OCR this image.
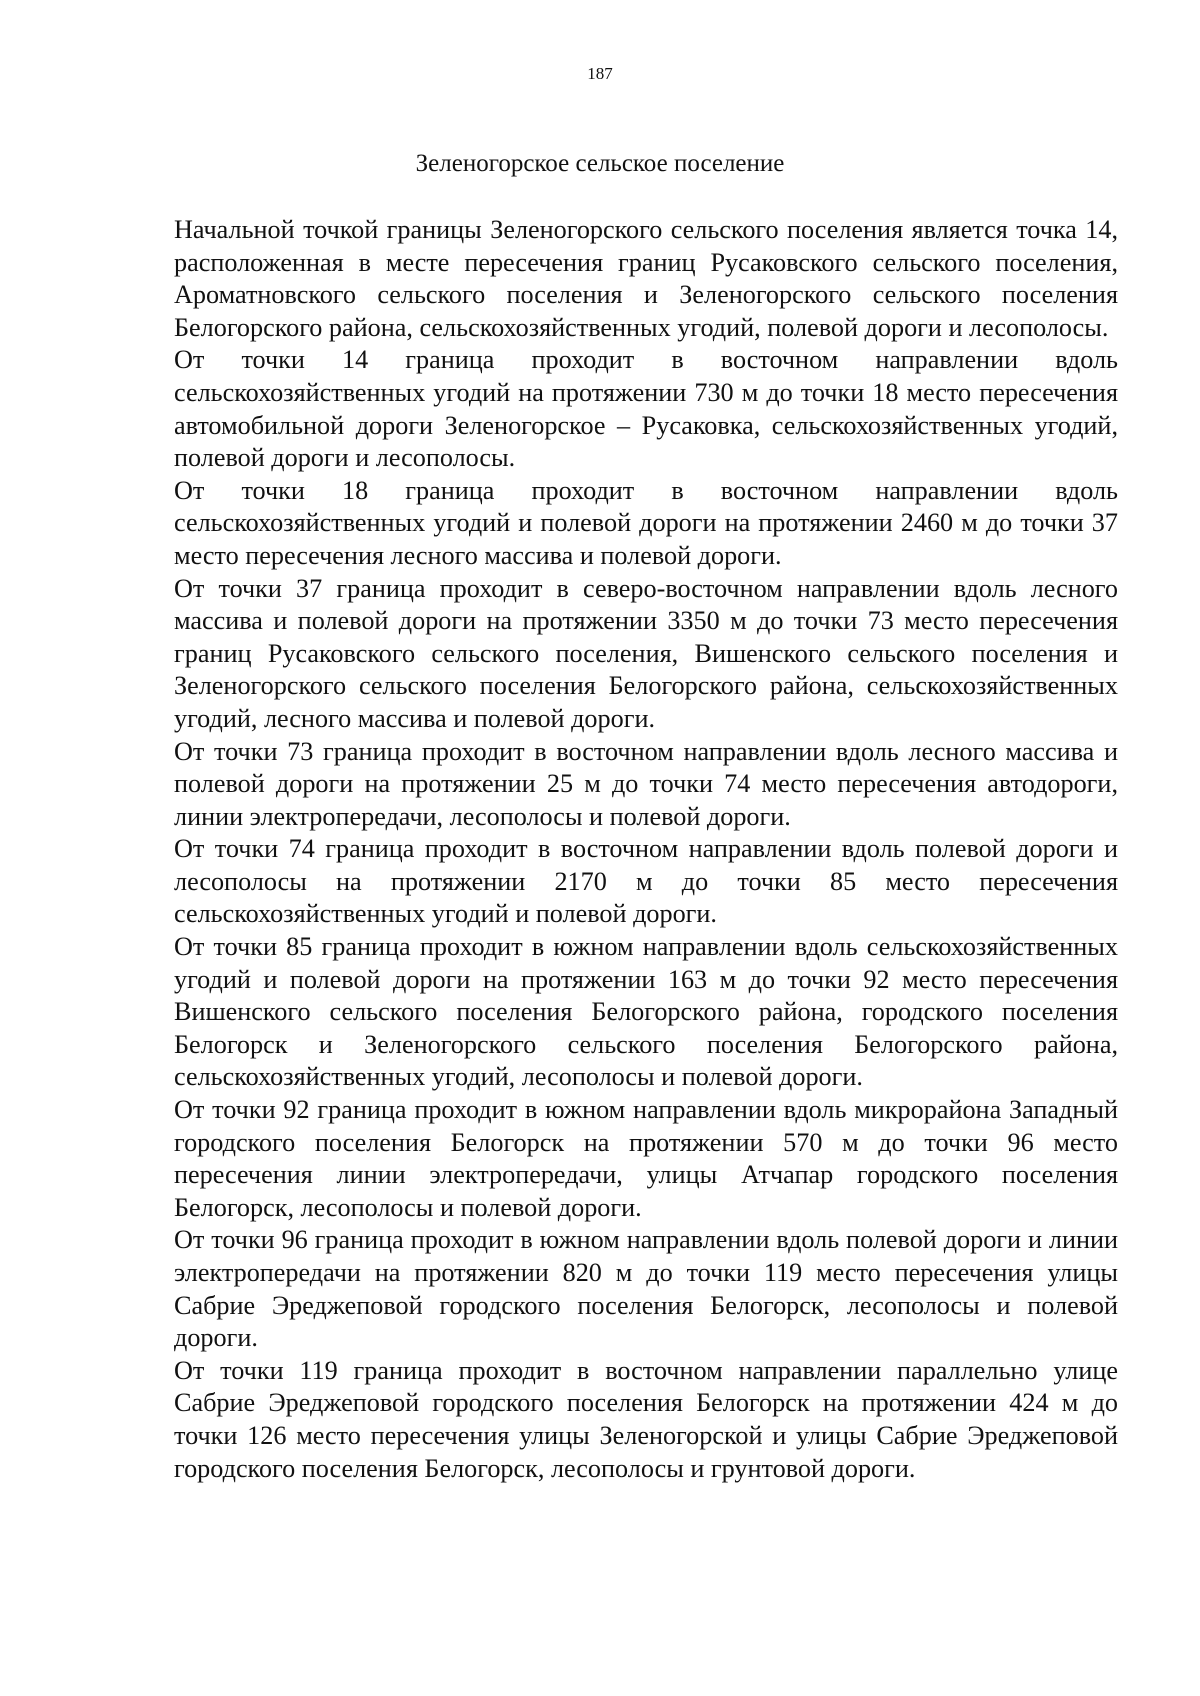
187
Зеленогорское сельское поселение

Начальной точкой границы Зеленогорского сельского поселения является точка 14, расположенная в месте пересечения границ Русаковского сельского поселения, Ароматновского сельского поселения и Зеленогорского сельского поселения Белогорского района, сельскохозяйственных угодий, полевой дороги и лесополосы.

От точки 14 граница проходит в восточном направлении вдоль сельскохозяйственных угодий на протяжении 730 м до точки 18 место пересечения автомобильной дороги Зеленогорское – Русаковка, сельскохозяйственных угодий, полевой дороги и лесополосы.

От точки 18 граница проходит в восточном направлении вдоль сельскохозяйственных угодий и полевой дороги на протяжении 2460 м до точки 37 место пересечения лесного массива и полевой дороги.

От точки 37 граница проходит в северо-восточном направлении вдоль лесного массива и полевой дороги на протяжении 3350 м до точки 73 место пересечения границ Русаковского сельского поселения, Вишенского сельского поселения и Зеленогорского сельского поселения Белогорского района, сельскохозяйственных угодий, лесного массива и полевой дороги.

От точки 73 граница проходит в восточном направлении вдоль лесного массива и полевой дороги на протяжении 25 м до точки 74 место пересечения автодороги, линии электропередачи, лесополосы и полевой дороги.

От точки 74 граница проходит в восточном направлении вдоль полевой дороги и лесополосы на протяжении 2170 м до точки 85 место пересечения сельскохозяйственных угодий и полевой дороги.

От точки 85 граница проходит в южном направлении вдоль сельскохозяйственных угодий и полевой дороги на протяжении 163 м до точки 92 место пересечения Вишенского сельского поселения Белогорского района, городского поселения Белогорск и Зеленогорского сельского поселения Белогорского района, сельскохозяйственных угодий, лесополосы и полевой дороги.

От точки 92 граница проходит в южном направлении вдоль микрорайона Западный городского поселения Белогорск на протяжении 570 м до точки 96 место пересечения линии электропередачи, улицы Атчапар городского поселения Белогорск, лесополосы и полевой дороги.

От точки 96 граница проходит в южном направлении вдоль полевой дороги и линии электропередачи на протяжении 820 м до точки 119 место пересечения улицы Сабрие Эреджеповой городского поселения Белогорск, лесополосы и полевой дороги.

От точки 119 граница проходит в восточном направлении параллельно улице Сабрие Эреджеповой городского поселения Белогорск на протяжении 424 м до точки 126 место пересечения улицы Зеленогорской и улицы Сабрие Эреджеповой городского поселения Белогорск, лесополосы и грунтовой дороги.
